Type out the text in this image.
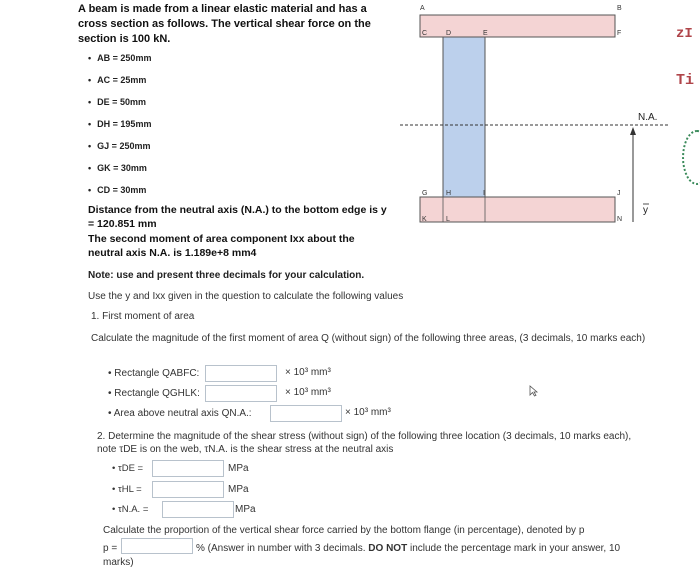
A beam is made from a linear elastic material and has a cross section as follows. The vertical shear force on the section is 100 kN.
• AB = 250mm
• AC = 25mm
• DE = 50mm
• DH = 195mm
• GJ = 250mm
• GK = 30mm
• CD = 30mm
Distance from the neutral axis (N.A.) to the bottom edge is y = 120.851 mm
The second moment of area component Ixx about the neutral axis N.A. is 1.189e+8 mm4
A	B
C	D	E	F
G	H	I	J
K	L	N
N.A.
y
zI
Ti
Note: use and present three decimals for your calculation.
Use the y and Ixx given in the question to calculate the following values
1. First moment of area
Calculate the magnitude of the first moment of area Q (without sign) of the following three areas, (3 decimals, 10 marks each)
• Rectangle QABFC:	× 10³ mm³
• Rectangle QGHLK:	× 10³ mm³
• Area above neutral axis QN.A.:	× 10³ mm³
2. Determine the magnitude of the shear stress (without sign) of the following three location (3 decimals, 10 marks each),
note τDE is on the web, τN.A. is the shear stress at the neutral axis
• τDE =	MPa
• τHL =	MPa
• τN.A. =	MPa
Calculate the proportion of the vertical shear force carried by the bottom flange (in percentage), denoted by p
p =	% (Answer in number with 3 decimals. DO NOT include the percentage mark in your answer, 10
marks)
